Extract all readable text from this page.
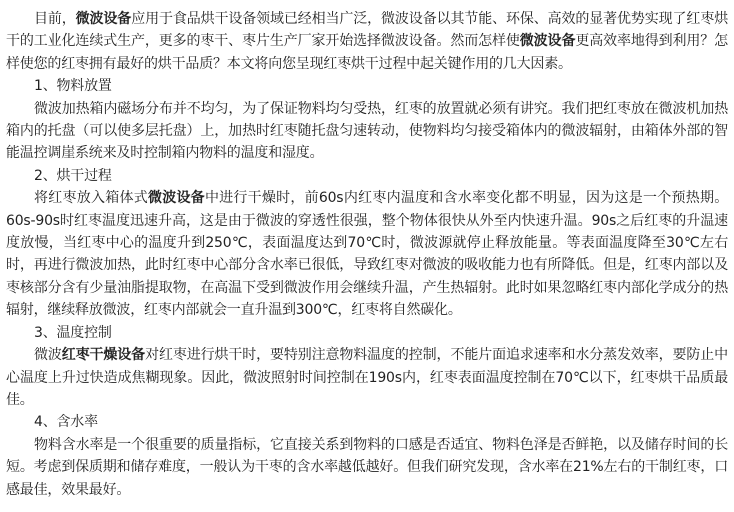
目前，微波设备应用于食品烘干设备领域已经相当广泛，微波设备以其节能、环保、高效的显著优势实现了红枣烘干的工业化连续式生产，更多的枣干、枣片生产厂家开始选择微波设备。然而怎样使微波设备更高效率地得到利用？怎样使您的红枣拥有最好的烘干品质？本文将向您呈现红枣烘干过程中起关键作用的几大因素。

1、物料放置

微波加热箱内磁场分布并不均匀，为了保证物料均匀受热，红枣的放置就必须有讲究。我们把红枣放在微波机加热箱内的托盘（可以使多层托盘）上，加热时红枣随托盘匀速转动，使物料均匀接受箱体内的微波辐射，由箱体外部的智能温控调崖系统来及时控制箱内物料的温度和湿度。

2、烘干过程

将红枣放入箱体式微波设备中进行干燥时，前60s内红枣内温度和含水率变化都不明显，因为这是一个预热期。60s-90s时红枣温度迅速升高，这是由于微波的穿透性很强，整个物体很快从外至内快速升温。90s之后红枣的升温速度放慢，当红枣中心的温度升到250℃，表面温度达到70℃时，微波源就停止释放能量。等表面温度降至30℃左右时，再进行微波加热，此时红枣中心部分含水率已很低，导致红枣对微波的吸收能力也有所降低。但是，红枣内部以及枣核部分含有少量油脂提取物，在高温下受到微波作用会继续升温，产生热辐射。此时如果忽略红枣内部化学成分的热辐射，继续释放微波，红枣内部就会一直升温到300℃，红枣将自然碳化。

3、温度控制

微波红枣干燥设备对红枣进行烘干时，要特别注意物料温度的控制，不能片面追求速率和水分蒸发效率，要防止中心温度上升过快造成焦糊现象。因此，微波照射时间控制在190s内，红枣表面温度控制在70℃以下，红枣烘干品质最佳。

4、含水率

物料含水率是一个很重要的质量指标，它直接关系到物料的口感是否适宜、物料色泽是否鲜艳，以及储存时间的长短。考虑到保质期和储存难度，一般认为干枣的含水率越低越好。但我们研究发现，含水率在21%左右的干制红枣，口感最佳，效果最好。
